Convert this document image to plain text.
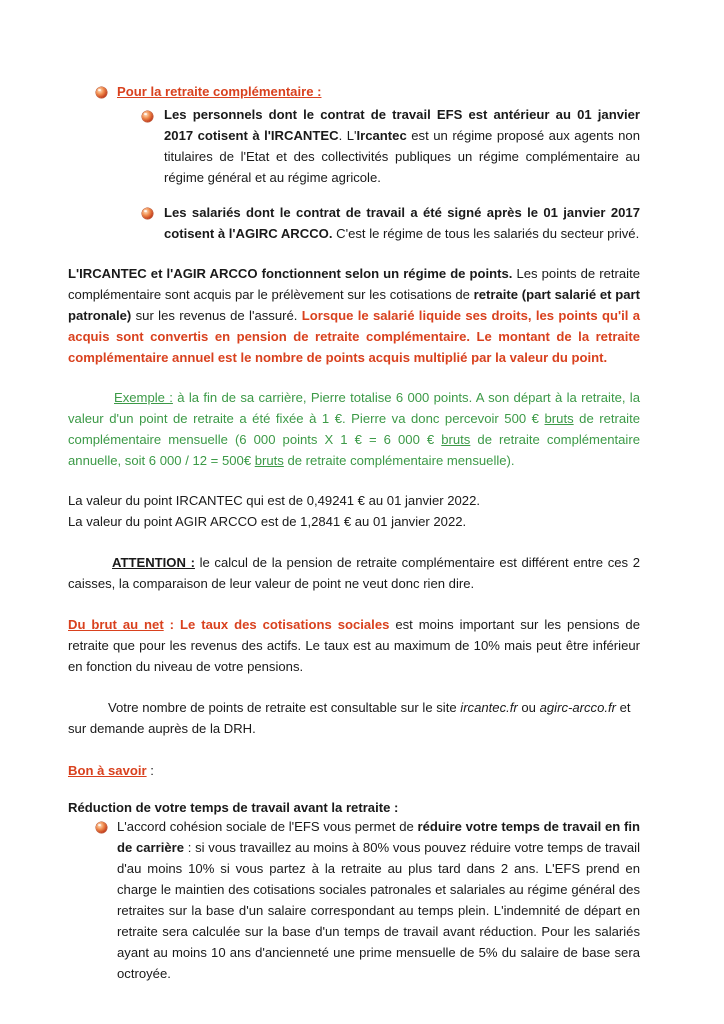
Pour la retraite complémentaire :

Les personnels dont le contrat de travail EFS est antérieur au 01 janvier 2017 cotisent à l'IRCANTEC. L'Ircantec est un régime proposé aux agents non titulaires de l'Etat et des collectivités publiques un régime complémentaire au régime général et au régime agricole.

Les salariés dont le contrat de travail a été signé après le 01 janvier 2017 cotisent à l'AGIRC ARCCO. C'est le régime de tous les salariés du secteur privé.

L'IRCANTEC et l'AGIR ARCCO fonctionnent selon un régime de points. Les points de retraite complémentaire sont acquis par le prélèvement sur les cotisations de retraite (part salarié et part patronale) sur les revenus de l'assuré. Lorsque le salarié liquide ses droits, les points qu'il a acquis sont convertis en pension de retraite complémentaire. Le montant de la retraite complémentaire annuel est le nombre de points acquis multiplié par la valeur du point.

Exemple : à la fin de sa carrière, Pierre totalise 6 000 points. A son départ à la retraite, la valeur d'un point de retraite a été fixée à 1 €. Pierre va donc percevoir 500 € bruts de retraite complémentaire mensuelle (6 000 points X 1 € = 6 000 € bruts de retraite complémentaire annuelle, soit 6 000 / 12 = 500€ bruts de retraite complémentaire mensuelle).

La valeur du point IRCANTEC qui est de 0,49241 € au 01 janvier 2022.

La valeur du point AGIR ARCCO est de 1,2841 € au 01 janvier 2022.

ATTENTION : le calcul de la pension de retraite complémentaire est différent entre ces 2 caisses, la comparaison de leur valeur de point ne veut donc rien dire.

Du brut au net : Le taux des cotisations sociales est moins important sur les pensions de retraite que pour les revenus des actifs. Le taux est au maximum de 10% mais peut être inférieur en fonction du niveau de votre pensions.

Votre nombre de points de retraite est consultable sur le site ircantec.fr ou agirc-arcco.fr et sur demande auprès de la DRH.

Bon à savoir :

Réduction de votre temps de travail avant la retraite :

L'accord cohésion sociale de l'EFS vous permet de réduire votre temps de travail en fin de carrière : si vous travaillez au moins à 80% vous pouvez réduire votre temps de travail d'au moins 10% si vous partez à la retraite au plus tard dans 2 ans. L'EFS prend en charge le maintien des cotisations sociales patronales et salariales au régime général des retraites sur la base d'un salaire correspondant au temps plein. L'indemnité de départ en retraite sera calculée sur la base d'un temps de travail avant réduction. Pour les salariés ayant au moins 10 ans d'ancienneté une prime mensuelle de 5% du salaire de base sera octroyée.
